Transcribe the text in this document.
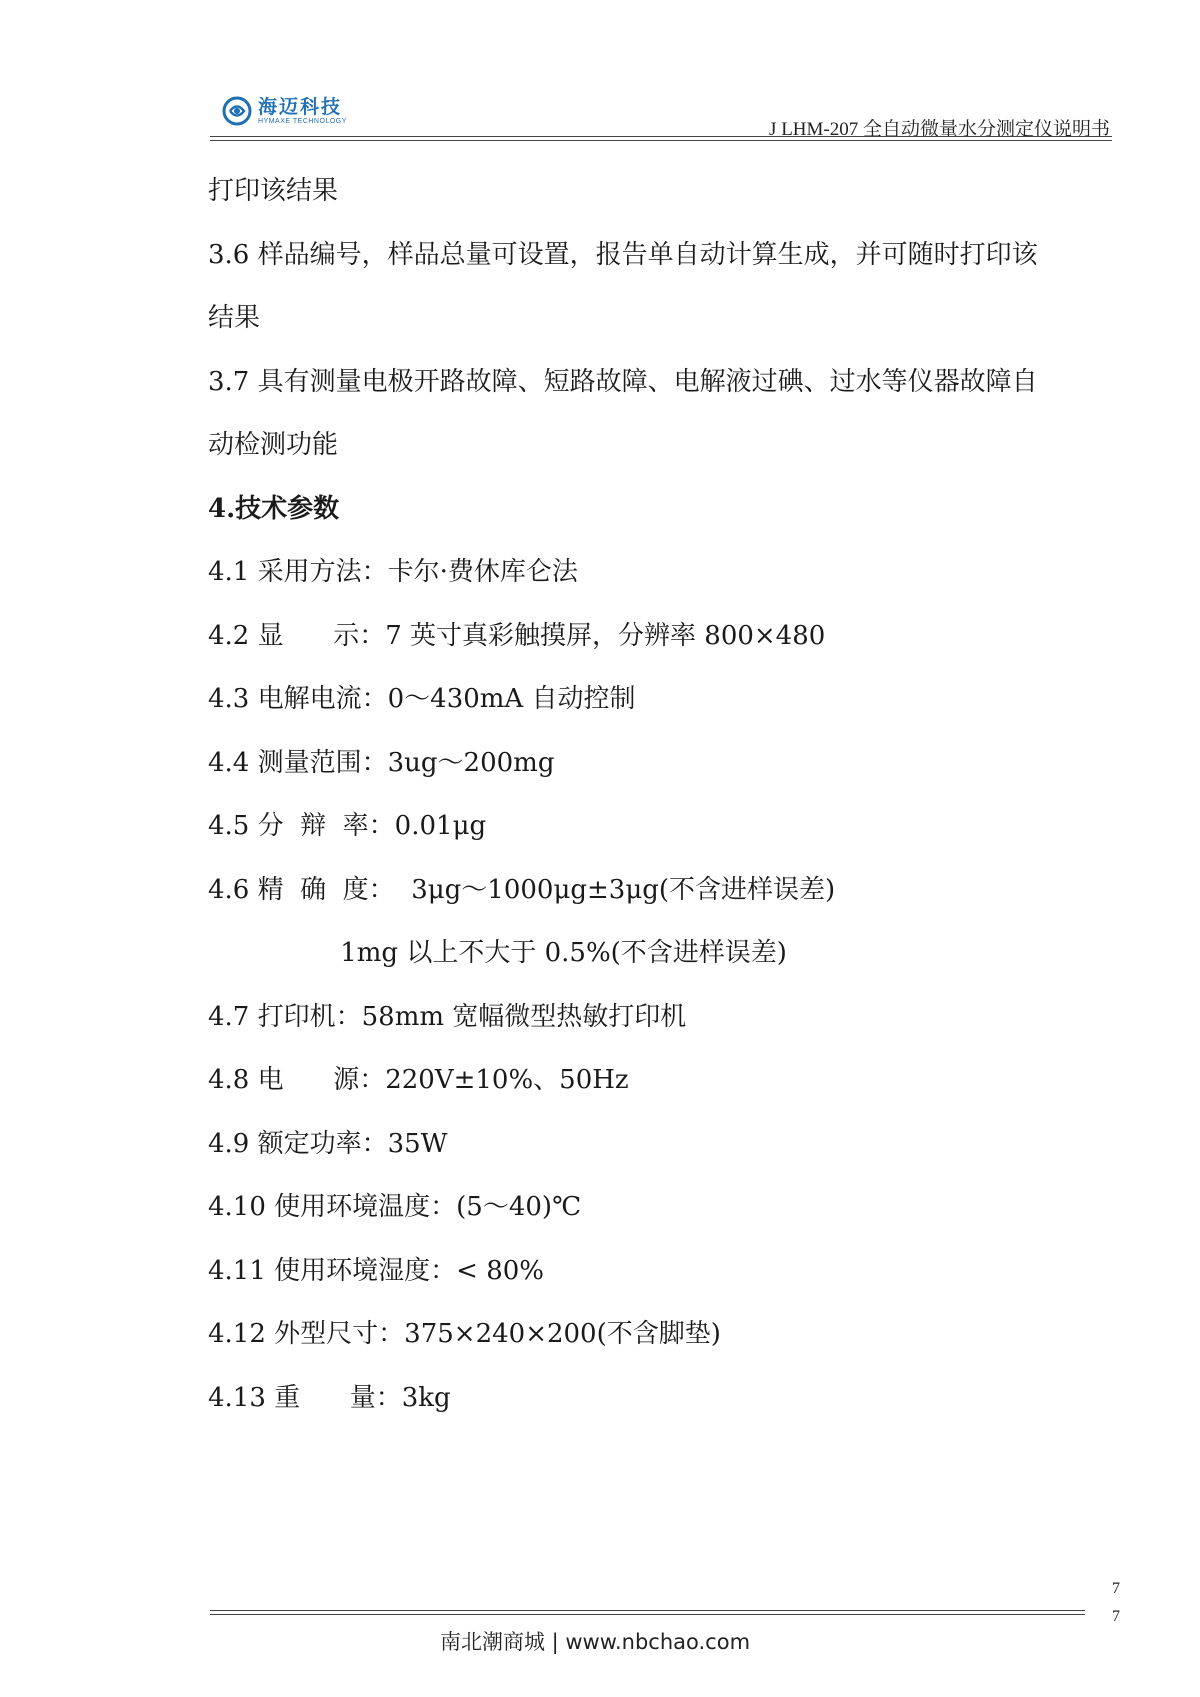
海迈科技
HYMAXE TECHNOLOGY	J LHM-207 全自动微量水分测定仪说明书
打印该结果
3.6 样品编号，样品总量可设置，报告单自动计算生成，并可随时打印该
结果
3.7 具有测量电极开路故障、短路故障、电解液过碘、过水等仪器故障自
动检测功能
4.技术参数
4.1 采用方法：卡尔·费休库仑法
4.2 显      示：7 英寸真彩触摸屏，分辨率 800×480
4.3 电解电流：0～430mA 自动控制
4.4 测量范围：3ug～200mg
4.5 分  辩  率：0.01μg
4.6 精  确  度：  3μg～1000μg±3μg(不含进样误差)
1mg 以上不大于 0.5%(不含进样误差)
4.7 打印机：58mm 宽幅微型热敏打印机
4.8 电      源：220V±10%、50Hz
4.9 额定功率：35W
4.10 使用环境温度：(5～40)℃
4.11 使用环境湿度：< 80%
4.12 外型尺寸：375×240×200(不含脚垫)
4.13 重      量：3kg
南北潮商城 | www.nbchao.com
7
7
